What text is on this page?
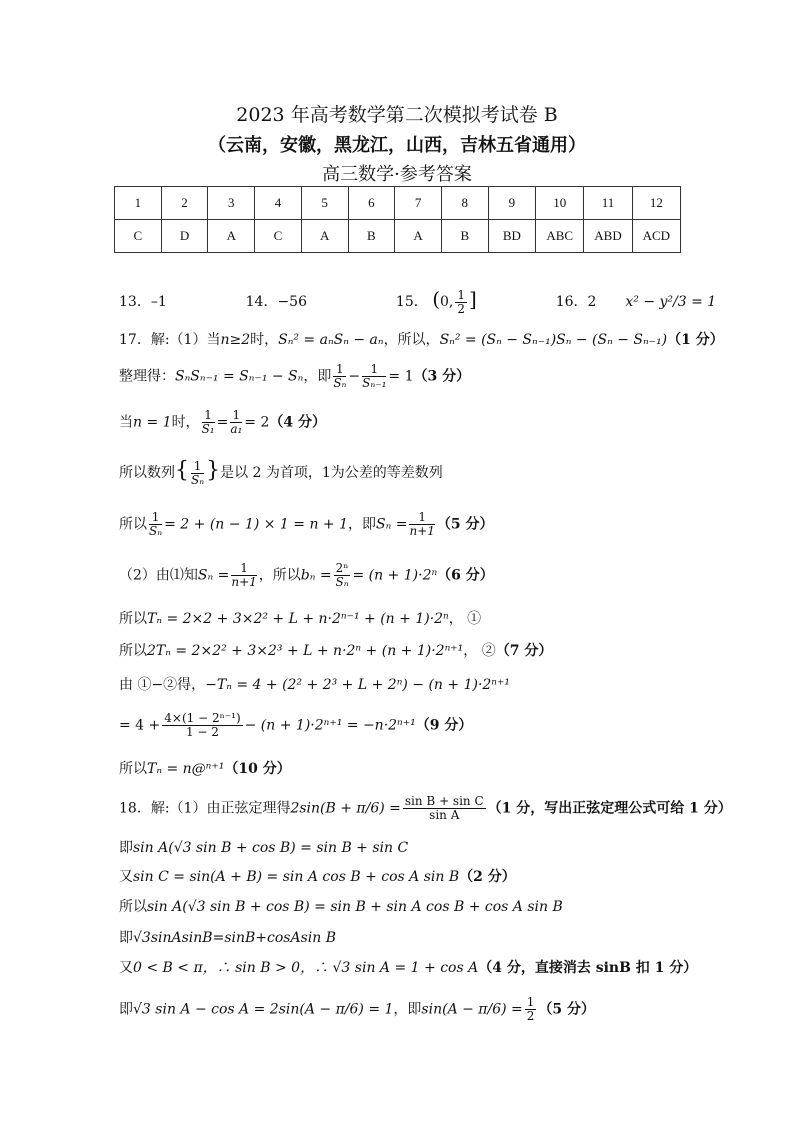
2023 年高考数学第二次模拟考试卷 B
（云南，安徽，黑龙江，山西，吉林五省通用）
高三数学·参考答案
1	2	3	4	5	6	7	8	9	10	11	12
C	D	A	C	A	B	A	B	BD	ABC	ABD	ACD
13．–1	14．−56	15． (0, $\frac{1}{2}$ ]	16．2 x² − y²/3 = 1
17．解:（1）当n≥2时，Sₙ² = aₙSₙ − aₙ，所以，Sₙ² = (Sₙ − Sₙ₋₁)Sₙ − (Sₙ − Sₙ₋₁)（1 分）
整理得：SₙSₙ₋₁ = Sₙ₋₁ − Sₙ，即 $\frac{1}{\text{Sₙ}} - \frac{1}{\text{Sₙ₋₁}} = 1(3$ 分）
当n = 1时， $\frac{1}{\text{S₁}} = \frac{1}{\text{a₁}} = 2(4$ 分）
所以数列{ $\frac{1}{\text{Sₙ}}$ }是以 2 为首项，1为公差的等差数列
所以 $\frac{1}{\text{Sₙ}} = 2 + (n - 1) \times 1 = n + 1$，即$S_n = \frac{1}{n+1} (5$ 分）
（2）由⑴知$S_n = \frac{1}{n+1}$ ，所以$b_n = \frac{\text{2ⁿ}}{\text{Sₙ}} = (n + 1)\cdot 2^n(6$ 分）
所以Tₙ = 2×2 + 3×2² + L + n·2ⁿ⁻¹ + (n + 1)·2ⁿ， ①
所以2Tₙ = 2×2² + 3×2³ + L + n·2ⁿ + (n + 1)·2ⁿ⁺¹， ②（7 分）
由 ①−②得，−Tₙ = 4 + (2² + 2³ + L + 2ⁿ) − (n + 1)·2ⁿ⁺¹
= $4 + \frac{\text{4×(1 − 2ⁿ⁻¹)}}{1 - 2} - (n + 1)\cdot 2^{n+1} = -n\cdot 2^{n+1}(9$ 分）
所以Tₙ = n@ⁿ⁺¹（10 分）
18．解:（1）由正弦定理得$2\sin(B + \pi/6) = \frac{\text{sin B + sin C}}{\text{sin A}} (1$ 分，写出正弦定理公式可给 1 分）
即sin A(√3 sin B + cos B) = sin B + sin C
又sin C = sin(A + B) = sin A cos B + cos A sin B（2 分）
所以sin A(√3 sin B + cos B) = sin B + sin A cos B + cos A sin B
即√3sinAsinB=sinB+cosAsin B
又0 < B < π，∴ sin B > 0，∴ √3 sin A = 1 + cos A（4 分，直接消去 sinB 扣 1 分）
即√3 sin A − cos A = 2sin(A − π/6) = 1，即$\sin(A - \pi/6) = \frac{1}{2} (5$ 分）
